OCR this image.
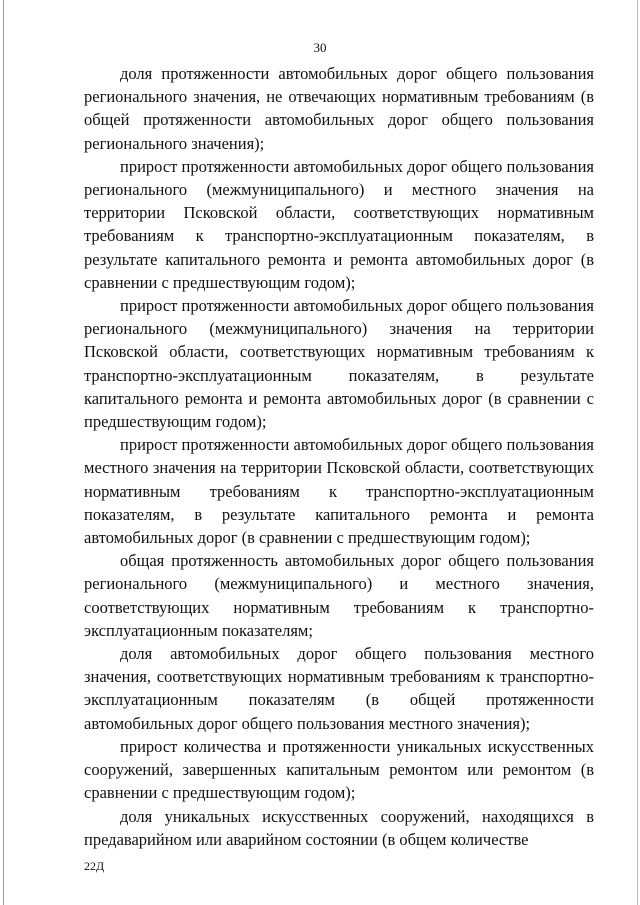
30

доля протяженности автомобильных дорог общего пользования регионального значения, не отвечающих нормативным требованиям (в общей протяженности автомобильных дорог общего пользования регионального значения);

прирост протяженности автомобильных дорог общего пользования регионального (межмуниципального) и местного значения на территории Псковской области, соответствующих нормативным требованиям к транспортно-эксплуатационным показателям, в результате капитального ремонта и ремонта автомобильных дорог (в сравнении с предшествующим годом);

прирост протяженности автомобильных дорог общего пользования регионального (межмуниципального) значения на территории Псковской области, соответствующих нормативным требованиям к транспортно-эксплуатационным показателям, в результате капитального ремонта и ремонта автомобильных дорог (в сравнении с предшествующим годом);

прирост протяженности автомобильных дорог общего пользования местного значения на территории Псковской области, соответствующих нормативным требованиям к транспортно-эксплуатационным показателям, в результате капитального ремонта и ремонта автомобильных дорог (в сравнении с предшествующим годом);

общая протяженность автомобильных дорог общего пользования регионального (межмуниципального) и местного значения, соответствующих нормативным требованиям к транспортно-эксплуатационным показателям;

доля автомобильных дорог общего пользования местного значения, соответствующих нормативным требованиям к транспортно-эксплуатационным показателям (в общей протяженности автомобильных дорог общего пользования местного значения);

прирост количества и протяженности уникальных искусственных сооружений, завершенных капитальным ремонтом или ремонтом (в сравнении с предшествующим годом);

доля уникальных искусственных сооружений, находящихся в предаварийном или аварийном состоянии (в общем количестве

22Д
